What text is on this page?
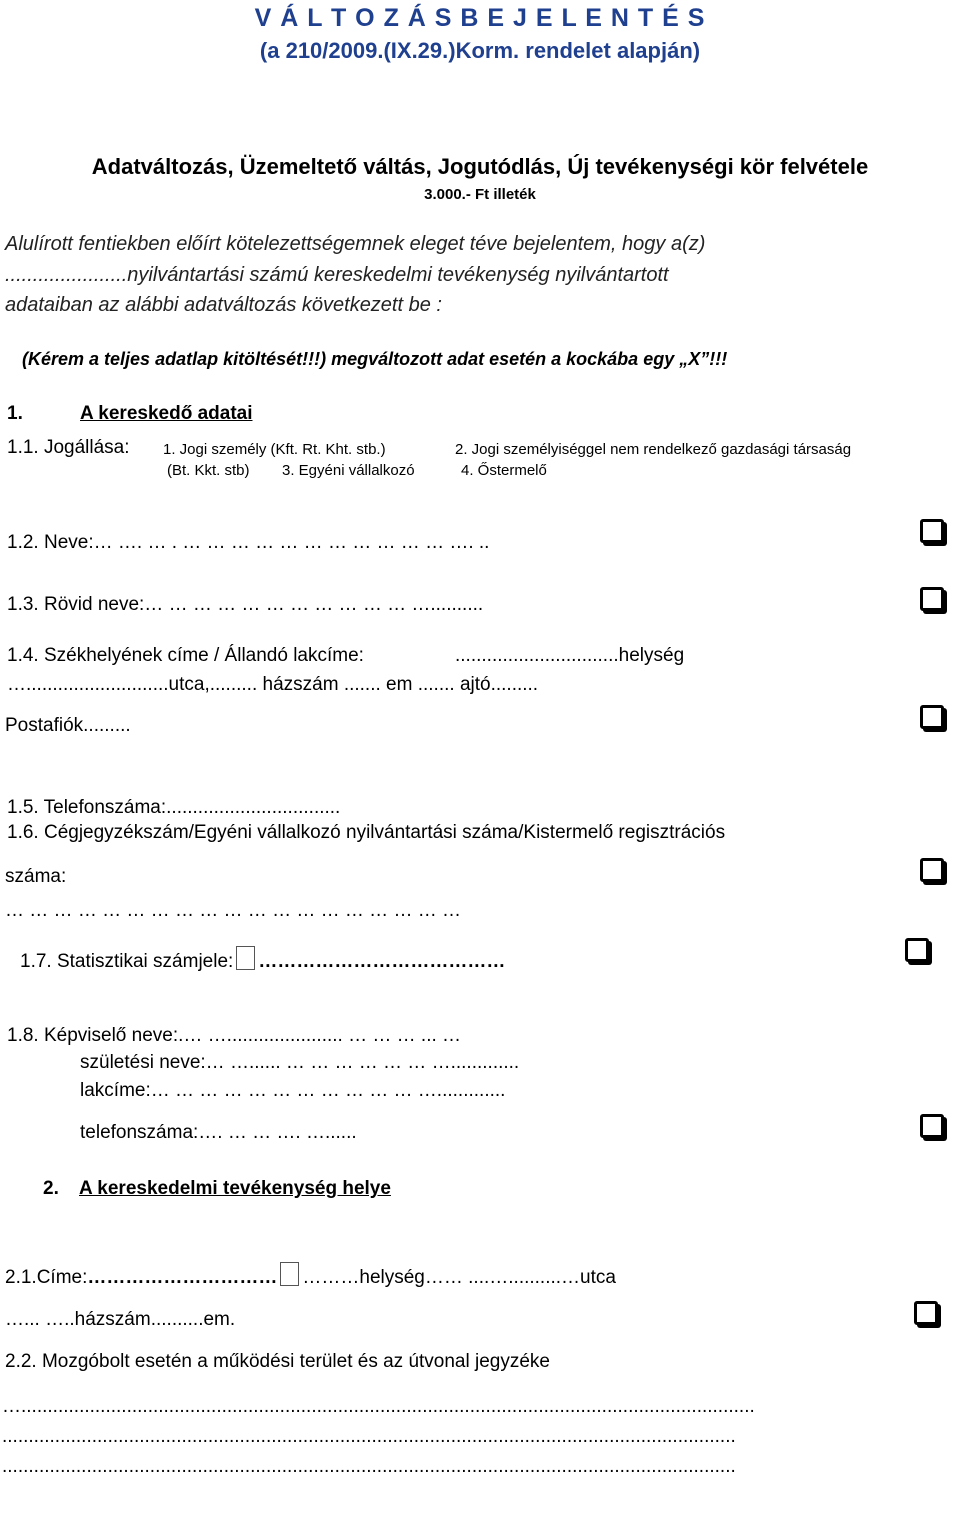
V Á L T O Z Á S B E J E L E N T É S
(a 210/2009.(IX.29.)Korm. rendelet alapján)
Adatváltozás, Üzemeltető váltás, Jogutódlás, Új tevékenységi kör felvétele
3.000.- Ft illeték
Alulírott fentiekben előírt kötelezettségemnek eleget téve bejelentem, hogy a(z)
......................nyilvántartási számú kereskedelmi tevékenység nyilvántartott
adataiban az alábbi adatváltozás következett be :
(Kérem a teljes adatlap kitöltését!!!) megváltozott adat esetén a kockába egy „X”!!!
1.	A kereskedő adatai
1.1. Jogállása: 1. Jogi személy (Kft. Rt. Kht. stb.)	2. Jogi személyiséggel nem rendelkező gazdasági társaság
(Bt. Kkt. stb) 3. Egyéni vállalkozó	4. Őstermelő
1.2. Neve:… …. … . … … … … … … … … … … … …. ..
1.3. Rövid neve:… … … … … … … … … … … …..........
1.4. Székhelyének címe / Állandó lakcíme:	...............................helység
…...........................utca,......... házszám ....... em ....... ajtó.........
Postafiók.........
1.5. Telefonszáma:.................................
1.6. Cégjegyzékszám/Egyéni vállalkozó nyilvántartási száma/Kistermelő regisztrációs
száma:
… … … … … … … … … … … … … … … … … … …
1.7. Statisztikai számjele: …………………………………
1.8. Képviselő neve:.… …...................... … … … ... …
születési neve:… …...... … … … … … … ….............
lakcíme:… … … … … … … … … … … ….............
telefonszáma:…. … … …. …......
2. A kereskedelmi tevékenység helye
2.1.Címe:………………………… ………helység…… ....…..........…utca
…... …..házszám..........em.
2.2. Mozgóbolt esetén a működési terület és az útvonal jegyzéke
…...........................................................................................................................................
...........................................................................................................................................
...........................................................................................................................................
